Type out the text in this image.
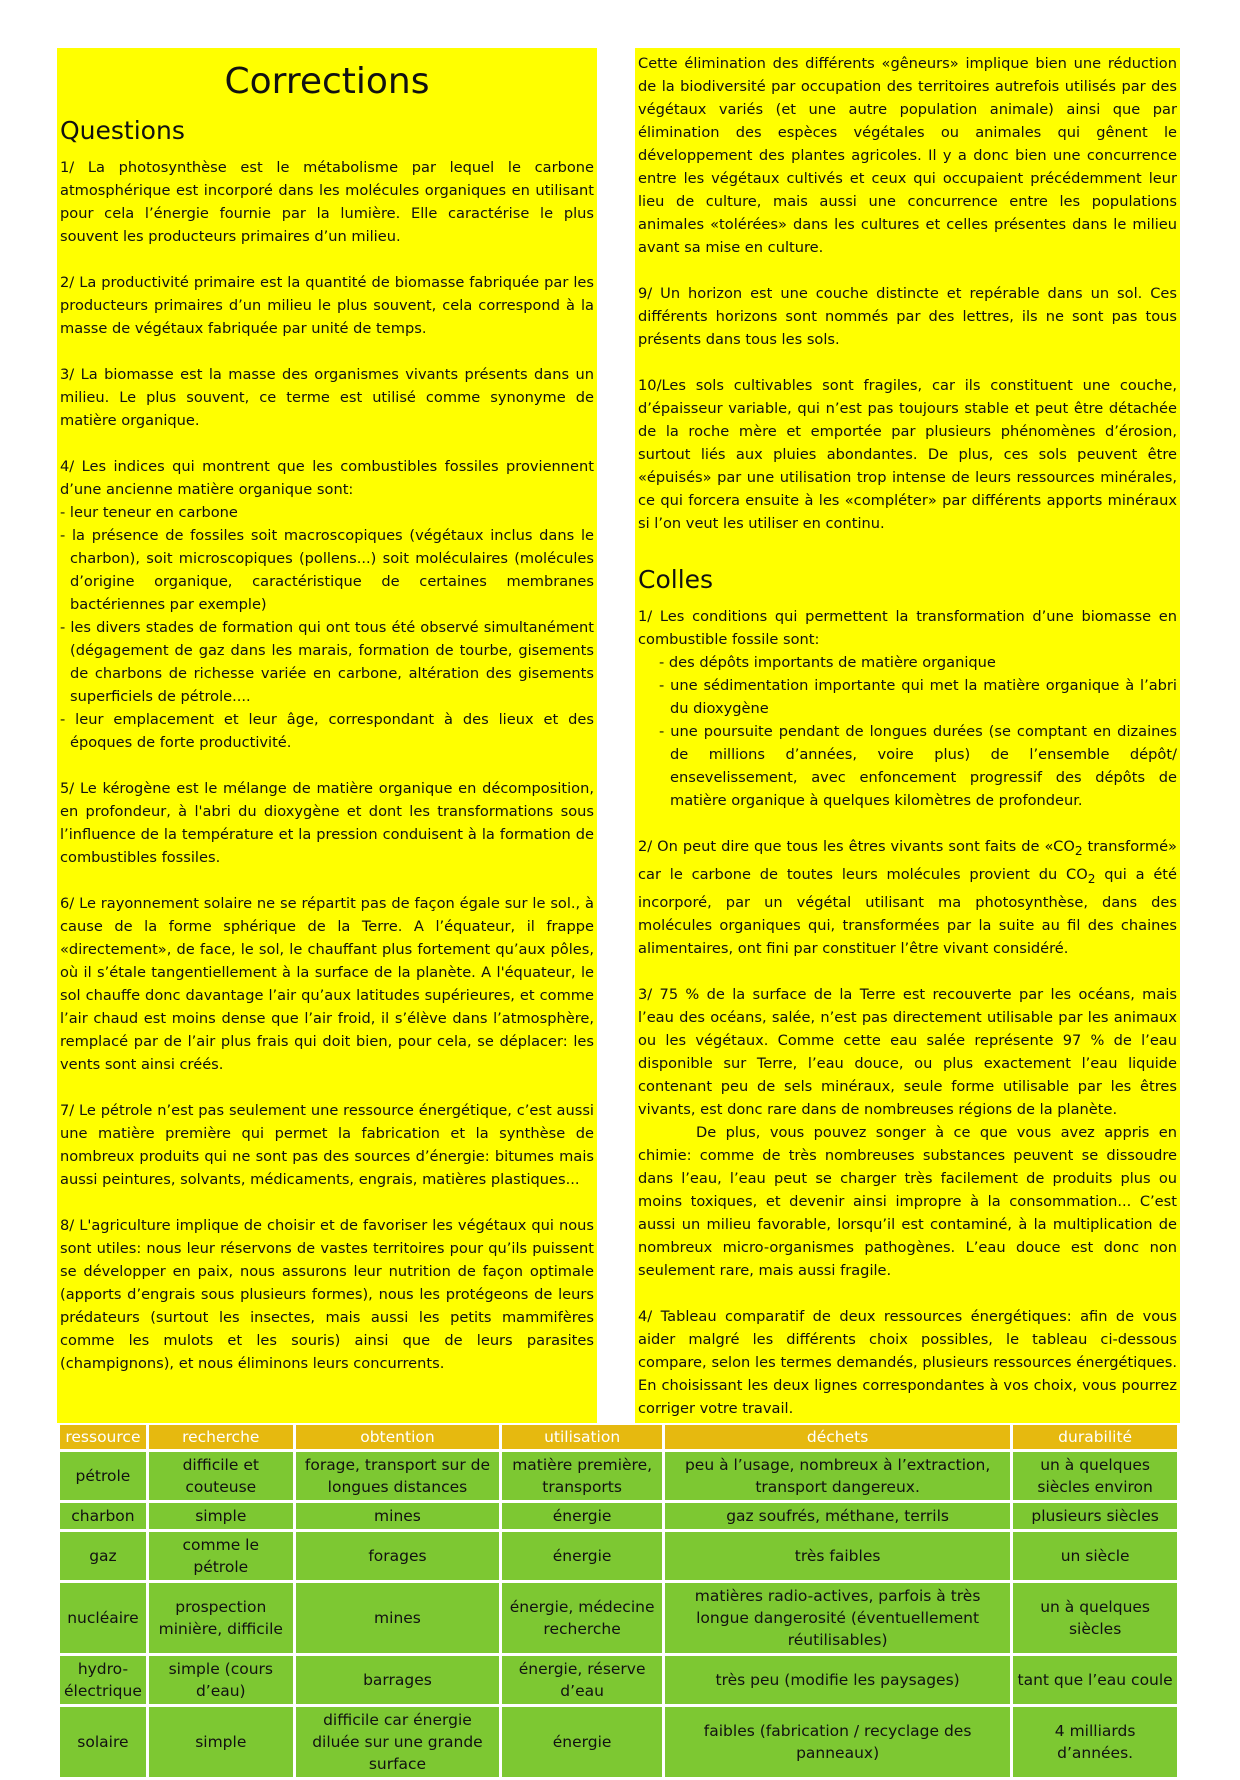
Corrections
Questions

1/ La photosynthèse est le métabolisme par lequel le carbone atmosphérique est incorporé dans les molécules organiques en utilisant pour cela l’énergie fournie par la lumière. Elle caractérise le plus souvent les producteurs primaires d’un milieu.

2/ La productivité primaire est la quantité de biomasse fabriquée par les producteurs primaires d’un milieu le plus souvent, cela correspond à la masse de végétaux fabriquée par unité de temps.

3/ La biomasse est la masse des organismes vivants présents dans un milieu. Le plus souvent, ce terme est utilisé comme synonyme de matière organique.

4/ Les indices qui montrent que les combustibles fossiles proviennent d’une ancienne matière organique sont:

- leur teneur en carbone
- la présence de fossiles soit macroscopiques (végétaux inclus dans le charbon), soit microscopiques (pollens...) soit moléculaires (molécules d’origine organique, caractéristique de certaines membranes bactériennes par exemple)
- les divers stades de formation qui ont tous été observé simultanément (dégagement de gaz dans les marais, formation de tourbe, gisements de charbons de richesse variée en carbone, altération des gisements superficiels de pétrole....
- leur emplacement et leur âge, correspondant à des lieux et des époques de forte productivité.

5/ Le kérogène est le mélange de matière organique en décomposition, en profondeur, à l'abri du dioxygène et dont les transformations sous l’influence de la température et la pression conduisent à la formation de combustibles fossiles.

6/ Le rayonnement solaire ne se répartit pas de façon égale sur le sol., à cause de la forme sphérique de la Terre. A l’équateur, il frappe «directement», de face, le sol, le chauffant plus fortement qu’aux pôles, où il s’étale tangentiellement à la surface de la planète. A l'équateur, le sol chauffe donc davantage l’air qu’aux latitudes supérieures, et comme l’air chaud est moins dense que l’air froid, il s’élève dans l’atmosphère, remplacé par de l’air plus frais qui doit bien, pour cela, se déplacer: les vents sont ainsi créés.

7/ Le pétrole n’est pas seulement une ressource énergétique, c’est aussi une matière première qui permet la fabrication et la synthèse de nombreux produits qui ne sont pas des sources d’énergie: bitumes mais aussi peintures, solvants, médicaments, engrais, matières plastiques...

8/ L'agriculture implique de choisir et de favoriser les végétaux qui nous sont utiles: nous leur réservons de vastes territoires pour qu’ils puissent se développer en paix, nous assurons leur nutrition de façon optimale (apports d’engrais sous plusieurs formes), nous les protégeons de leurs prédateurs (surtout les insectes, mais aussi les petits mammifères comme les mulots et les souris) ainsi que de leurs parasites (champignons), et nous éliminons leurs concurrents.

Cette élimination des différents «gêneurs» implique bien une réduction de la biodiversité par occupation des territoires autrefois utilisés par des végétaux variés (et une autre population animale) ainsi que par élimination des espèces végétales ou animales qui gênent le développement des plantes agricoles. Il y a donc bien une concurrence entre les végétaux cultivés et ceux qui occupaient précédemment leur lieu de culture, mais aussi une concurrence entre les populations animales «tolérées» dans les cultures et celles présentes dans le milieu avant sa mise en culture.

9/ Un horizon est une couche distincte et repérable dans un sol. Ces différents horizons sont nommés par des lettres, ils ne sont pas tous présents dans tous les sols.

10/Les sols cultivables sont fragiles, car ils constituent une couche, d’épaisseur variable, qui n’est pas toujours stable et peut être détachée de la roche mère et emportée par plusieurs phénomènes d’érosion, surtout liés aux pluies abondantes. De plus, ces sols peuvent être «épuisés» par une utilisation trop intense de leurs ressources minérales, ce qui forcera ensuite à les «compléter» par différents apports minéraux si l’on veut les utiliser en continu.

Colles

1/ Les conditions qui permettent la transformation d’une biomasse en combustible fossile sont:

- des dépôts importants de matière organique
- une sédimentation importante qui met la matière organique à l’abri du dioxygène
- une poursuite pendant de longues durées (se comptant en dizaines de millions d’années, voire plus) de l’ensemble dépôt/ ensevelissement, avec enfoncement progressif des dépôts de matière organique à quelques kilomètres de profondeur.

2/ On peut dire que tous les êtres vivants sont faits de «$CO_2$ transformé» car le carbone de toutes leurs molécules provient du $CO_2$ qui a été incorporé, par un végétal utilisant ma photosynthèse, dans des molécules organiques qui, transformées par la suite au fil des chaines alimentaires, ont fini par constituer l’être vivant considéré.

3/ 75 % de la surface de la Terre est recouverte par les océans, mais l’eau des océans, salée, n’est pas directement utilisable par les animaux ou les végétaux. Comme cette eau salée représente 97 % de l’eau disponible sur Terre, l’eau douce, ou plus exactement l’eau liquide contenant peu de sels minéraux, seule forme utilisable par les êtres vivants, est donc rare dans de nombreuses régions de la planète.

De plus, vous pouvez songer à ce que vous avez appris en chimie: comme de très nombreuses substances peuvent se dissoudre dans l’eau, l’eau peut se charger très facilement de produits plus ou moins toxiques, et devenir ainsi impropre à la consommation... C’est aussi un milieu favorable, lorsqu’il est contaminé, à la multiplication de nombreux micro-organismes pathogènes. L’eau douce est donc non seulement rare, mais aussi fragile.

4/ Tableau comparatif de deux ressources énergétiques: afin de vous aider malgré les différents choix possibles, le tableau ci-dessous compare, selon les termes demandés, plusieurs ressources énergétiques. En choisissant les deux lignes correspondantes à vos choix, vous pourrez corriger votre travail.

ressource	recherche	obtention	utilisation	déchets	durabilité
pétrole	difficile et couteuse	forage, transport sur de longues distances	matière première, transports	peu à l’usage, nombreux à l’extraction, transport dangereux.	un à quelques siècles environ
charbon	simple	mines	énergie	gaz soufrés, méthane, terrils	plusieurs siècles
gaz	comme le pétrole	forages	énergie	très faibles	un siècle
nucléaire	prospection minière, difficile	mines	énergie, médecine recherche	matières radio-actives, parfois à très longue dangerosité (éventuellement réutilisables)	un à quelques siècles
hydro-électrique	simple (cours d’eau)	barrages	énergie, réserve d’eau	très peu (modifie les paysages)	tant que l’eau coule
solaire	simple	difficile car énergie diluée sur une grande surface	énergie	faibles (fabrication / recyclage des panneaux)	4 milliards d’années.
